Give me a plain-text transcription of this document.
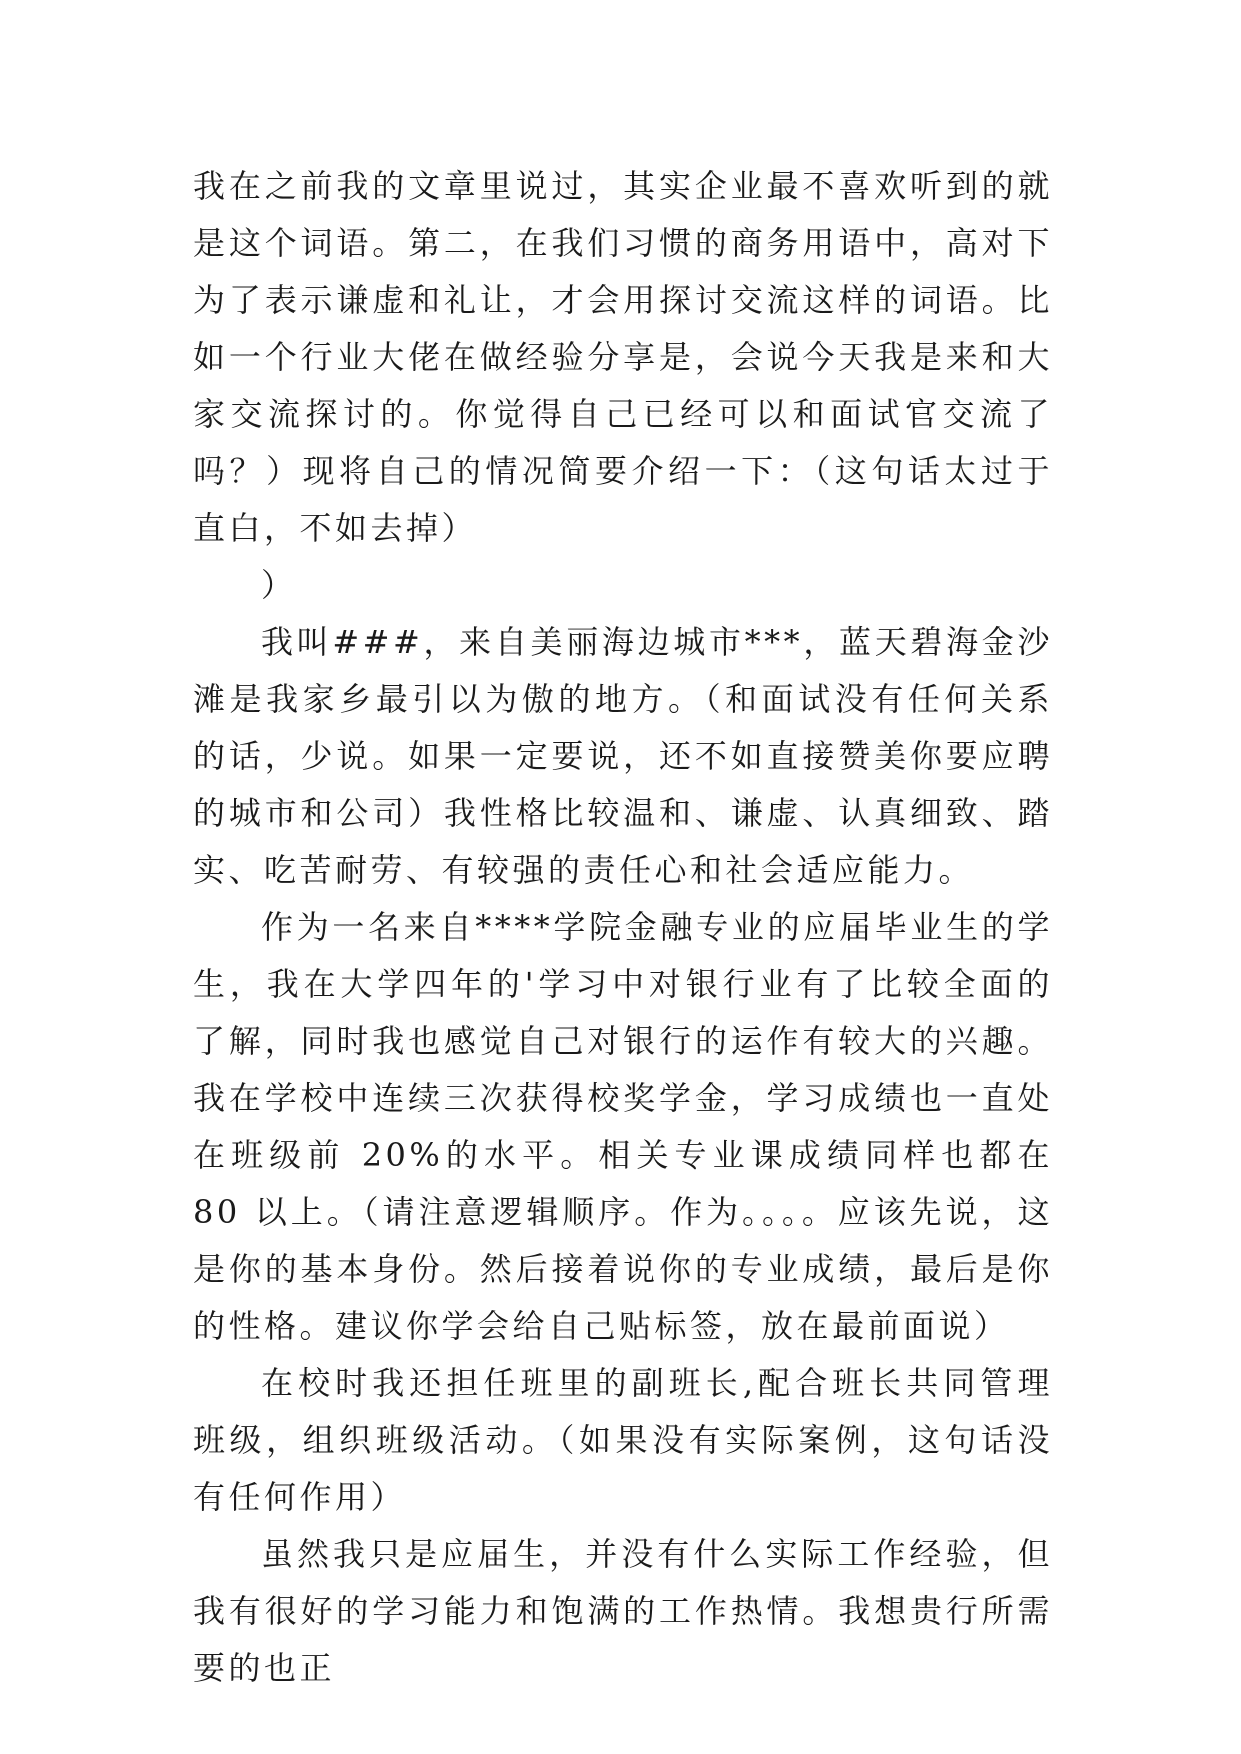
我在之前我的文章里说过，其实企业最不喜欢听到的就是这个词语。第二，在我们习惯的商务用语中，高对下为了表示谦虚和礼让，才会用探讨交流这样的词语。比如一个行业大佬在做经验分享是，会说今天我是来和大家交流探讨的。你觉得自己已经可以和面试官交流了吗？）现将自己的情况简要介绍一下：（这句话太过于直白，不如去掉）

）

我叫###，来自美丽海边城市***，蓝天碧海金沙滩是我家乡最引以为傲的地方。（和面试没有任何关系的话，少说。如果一定要说，还不如直接赞美你要应聘的城市和公司）我性格比较温和、谦虚、认真细致、踏实、吃苦耐劳、有较强的责任心和社会适应能力。

作为一名来自****学院金融专业的应届毕业生的学生，我在大学四年的'学习中对银行业有了比较全面的了解，同时我也感觉自己对银行的运作有较大的兴趣。我在学校中连续三次获得校奖学金，学习成绩也一直处在班级前 20%的水平。相关专业课成绩同样也都在 80 以上。（请注意逻辑顺序。作为。。。。应该先说，这是你的基本身份。然后接着说你的专业成绩，最后是你的性格。建议你学会给自己贴标签，放在最前面说）

在校时我还担任班里的副班长,配合班长共同管理班级，组织班级活动。（如果没有实际案例，这句话没有任何作用）

虽然我只是应届生，并没有什么实际工作经验，但我有很好的学习能力和饱满的工作热情。我想贵行所需要的也正
